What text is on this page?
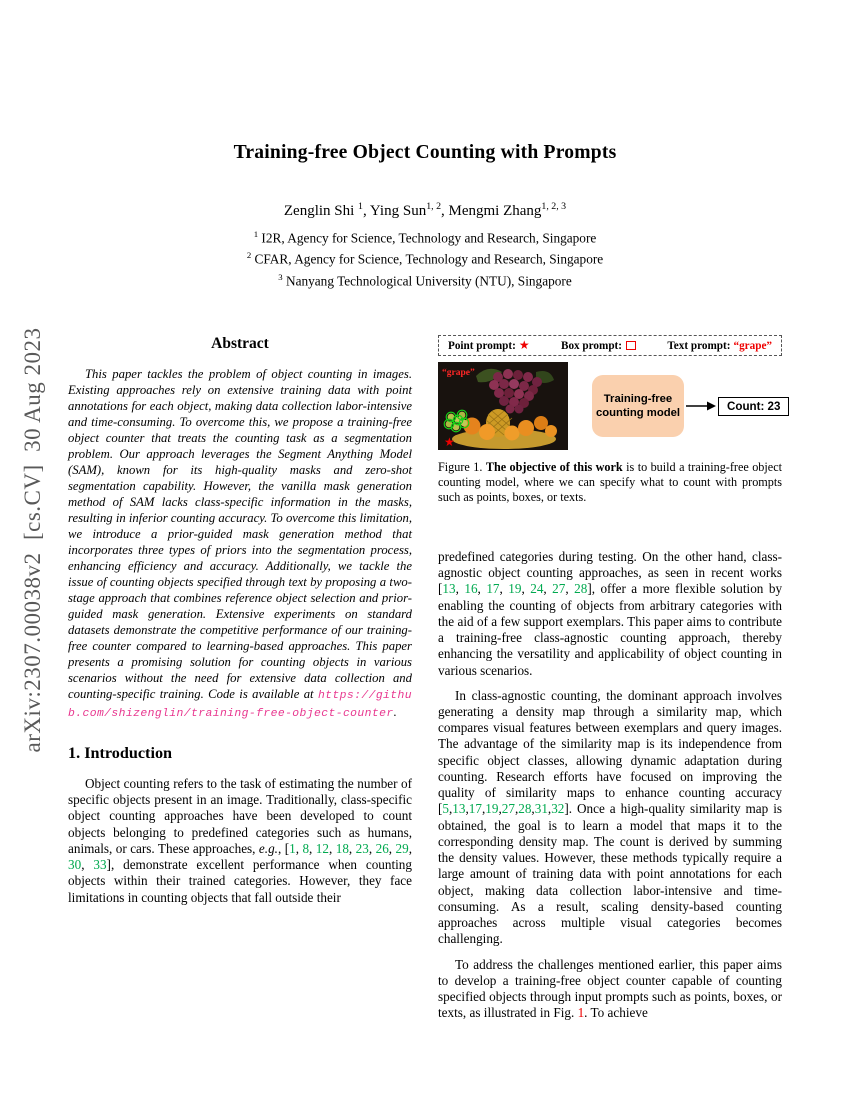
arXiv:2307.00038v2  [cs.CV]  30 Aug 2023
Training-free Object Counting with Prompts
Zenglin Shi $^1$, Ying Sun$^{1, 2}$, Mengmi Zhang$^{1, 2, 3}$
$^1$ I2R, Agency for Science, Technology and Research, Singapore
$^2$ CFAR, Agency for Science, Technology and Research, Singapore
$^3$ Nanyang Technological University (NTU), Singapore
Abstract

This paper tackles the problem of object counting in images. Existing approaches rely on extensive training data with point annotations for each object, making data collection labor-intensive and time-consuming. To overcome this, we propose a training-free object counter that treats the counting task as a segmentation problem. Our approach leverages the Segment Anything Model (SAM), known for its high-quality masks and zero-shot segmentation capability. However, the vanilla mask generation method of SAM lacks class-specific information in the masks, resulting in inferior counting accuracy. To overcome this limitation, we introduce a prior-guided mask generation method that incorporates three types of priors into the segmentation process, enhancing efficiency and accuracy. Additionally, we tackle the issue of counting objects specified through text by proposing a two-stage approach that combines reference object selection and prior-guided mask generation. Extensive experiments on standard datasets demonstrate the competitive performance of our training-free counter compared to learning-based approaches. This paper presents a promising solution for counting objects in various scenarios without the need for extensive data collection and counting-specific training. Code is available at https://github.com/shizenglin/training-free-object-counter.

1. Introduction

Object counting refers to the task of estimating the number of specific objects present in an image. Traditionally, class-specific object counting approaches have been developed to count objects belonging to predefined categories such as humans, animals, or cars. These approaches, e.g., [1, 8, 12, 18, 23, 26, 29, 30, 33], demonstrate excellent performance when counting objects within their trained categories. However, they face limitations in counting objects that fall outside their

Point prompt: ★	Box prompt:	Text prompt: “grape”
★
“grape”
Training-free
counting model
Count: 23
Figure 1. The objective of this work is to build a training-free object counting model, where we can specify what to count with prompts such as points, boxes, or texts.

predefined categories during testing. On the other hand, class-agnostic object counting approaches, as seen in recent works [13, 16, 17, 19, 24, 27, 28], offer a more flexible solution by enabling the counting of objects from arbitrary categories with the aid of a few support exemplars. This paper aims to contribute a training-free class-agnostic counting approach, thereby enhancing the versatility and applicability of object counting in various scenarios.

In class-agnostic counting, the dominant approach involves generating a density map through a similarity map, which compares visual features between exemplars and query images. The advantage of the similarity map is its independence from specific object classes, allowing dynamic adaptation during counting. Research efforts have focused on improving the quality of similarity maps to enhance counting accuracy [5,13,17,19,27,28,31,32]. Once a high-quality similarity map is obtained, the goal is to learn a model that maps it to the corresponding density map. The count is derived by summing the density values. However, these methods typically require a large amount of training data with point annotations for each object, making data collection labor-intensive and time-consuming. As a result, scaling density-based counting approaches across multiple visual categories becomes challenging.

To address the challenges mentioned earlier, this paper aims to develop a training-free object counter capable of counting specified objects through input prompts such as points, boxes, or texts, as illustrated in Fig. 1. To achieve
